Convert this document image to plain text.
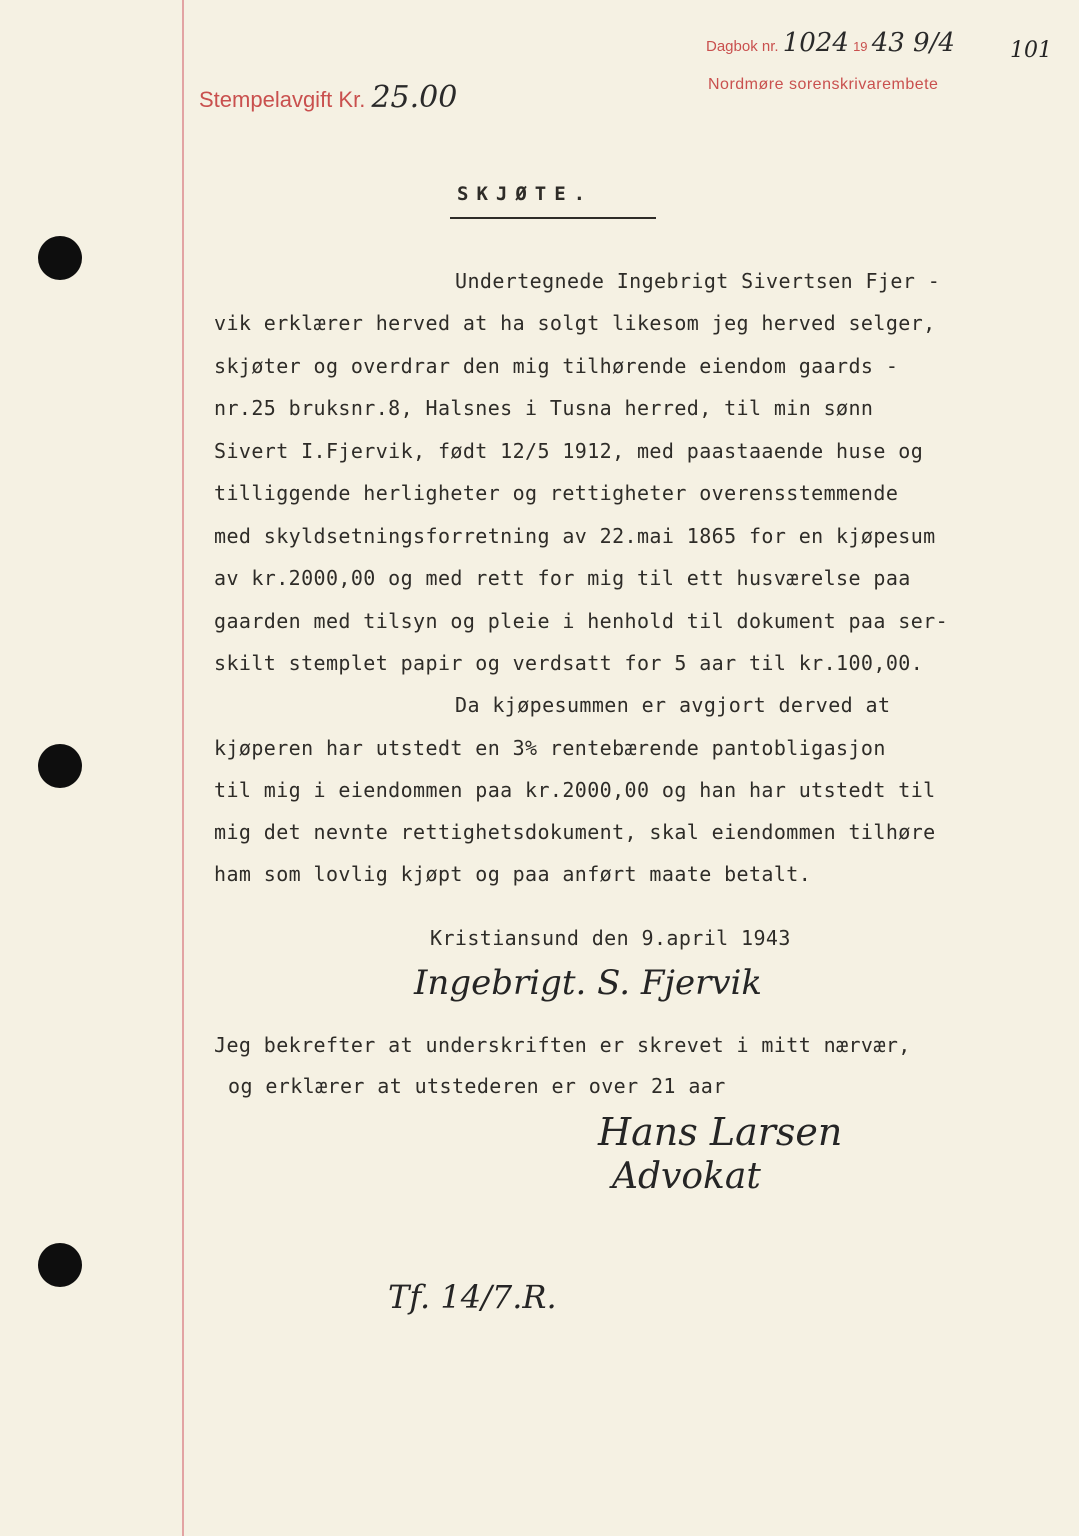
Stempelavgift Kr. 25.00
Dagbok nr. 1024 19 43 9/4
Nordmøre sorenskrivarembete
101
SKJØTE.
Undertegnede Ingebrigt Sivertsen Fjer -
vik erklærer herved at ha solgt likesom jeg herved selger,
skjøter og overdrar den mig tilhørende eiendom gaards -
nr.25 bruksnr.8, Halsnes i Tusna herred, til min sønn
Sivert I.Fjervik, født 12/5 1912, med paastaaende huse og
tilliggende herligheter og rettigheter overensstemmende
med skyldsetningsforretning av 22.mai 1865 for en kjøpesum
av kr.2000,00 og med rett for mig til ett husværelse paa
gaarden med tilsyn og pleie i henhold til dokument paa ser-
skilt stemplet papir og verdsatt for 5 aar til kr.100,00.
Da kjøpesummen er avgjort derved at
kjøperen har utstedt en 3% rentebærende pantobligasjon
til mig i eiendommen paa kr.2000,00 og han har utstedt til
mig det nevnte rettighetsdokument, skal eiendommen tilhøre
ham som lovlig kjøpt og paa anført maate betalt.
Kristiansund den 9.april 1943
Ingebrigt. S. Fjervik
Jeg bekrefter at underskriften er skrevet i mitt nærvær,
og erklærer at utstederen er over 21 aar
Hans Larsen
Advokat
Tf. 14/7.R.
